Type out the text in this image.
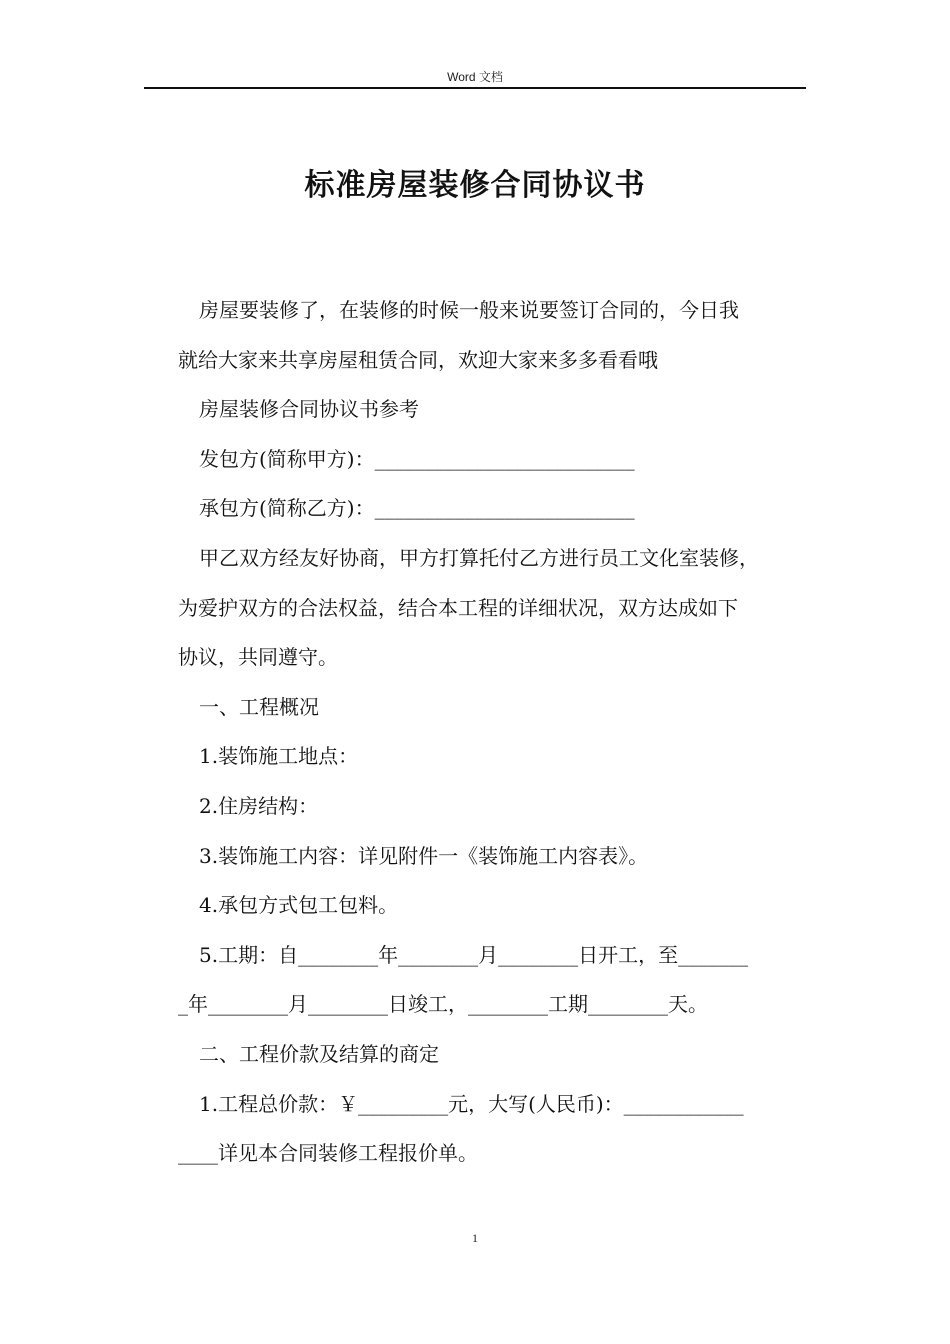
Word 文档
标准房屋装修合同协议书

房屋要装修了，在装修的时候一般来说要签订合同的，今日我

就给大家来共享房屋租赁合同，欢迎大家来多多看看哦

房屋装修合同协议书参考

发包方(简称甲方)：__________________________

承包方(简称乙方)：__________________________

甲乙双方经友好协商，甲方打算托付乙方进行员工文化室装修，

为爱护双方的合法权益，结合本工程的详细状况，双方达成如下

协议，共同遵守。

一、工程概况

1.装饰施工地点：

2.住房结构：

3.装饰施工内容：详见附件一《装饰施工内容表》。

4.承包方式包工包料。

5.工期：自________年________月________日开工，至_______

_年________月________日竣工，________工期________天。

二、工程价款及结算的商定

1.工程总价款：￥_________元，大写(人民币)：____________

____详见本合同装修工程报价单。

1
